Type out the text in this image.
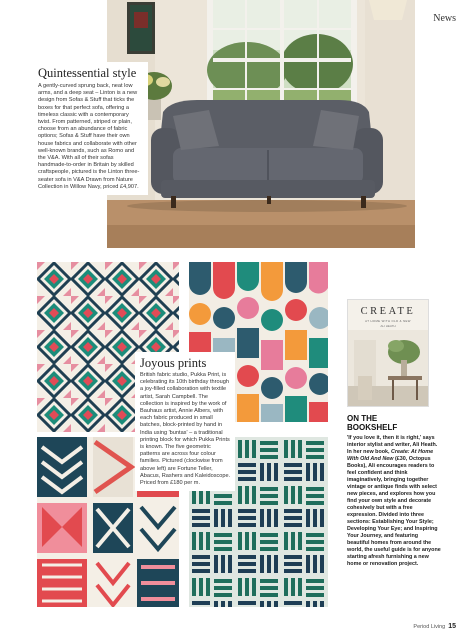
News
Quintessential style

A gently-curved sprung back, neat low arms, and a deep seat – Linton is a new design from Sofas & Stuff that ticks the boxes for that perfect sofa, offering a timeless classic with a contemporary twist. From patterned, striped or plain, choose from an abundance of fabric options; Sofas & Stuff have their own house fabrics and collaborate with other well-known brands, such as Romo and the V&A. With all of their sofas handmade-to-order in Britain by skilled craftspeople, pictured is the Linton three-seater sofa in V&A Drawn from Nature Collection in Willow Navy, priced £4,907.

Joyous prints

British fabric studio, Pukka Print, is celebrating its 10th birthday through a joy-filled collaboration with textile artist, Sarah Campbell. The collection is inspired by the work of Bauhaus artist, Annie Albers, with each fabric produced in small batches, block-printed by hand in India using 'buntas' – a traditional printing block for which Pukka Prints is known. The five geometric patterns are across four colour families. Pictured (clockwise from above left) are Fortune Teller, Abacus, Rashers and Kaleidoscope. Priced from £180 per m.

CREATE
AT HOME WITH OLD & NEW
ALI HEATH
ON THE
BOOKSHELF

'If you love it, then it is right,' says interior stylist and writer, Ali Heath. In her new book, Create: At Home With Old And New (£30, Octopus Books), Ali encourages readers to feel confident and think imaginatively, bringing together vintage or antique finds with select new pieces, and explores how you find your own style and decorate cohesively but with a free expression. Divided into three sections: Establishing Your Style; Developing Your Eye; and Inspiring Your Journey, and featuring beautiful homes from around the world, the useful guide is for anyone starting afresh furnishing a new home or renovation project.

Period Living 15
